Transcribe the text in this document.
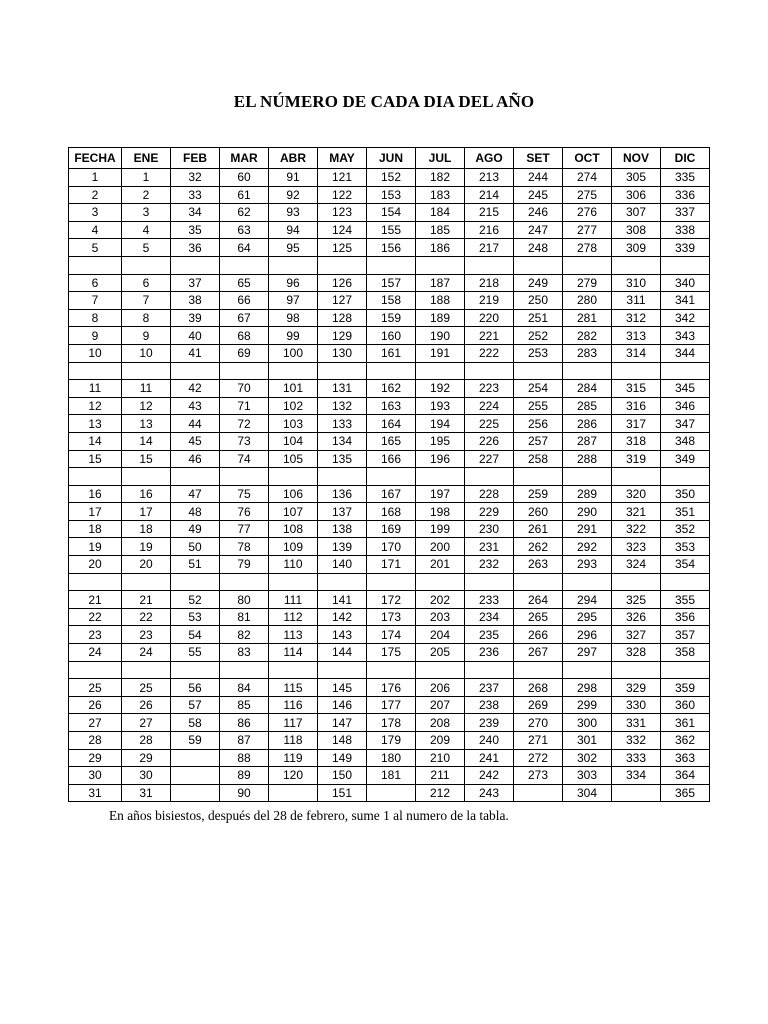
EL NÚMERO DE CADA DIA DEL AÑO
FECHA	ENE	FEB	MAR	ABR	MAY	JUN	JUL	AGO	SET	OCT	NOV	DIC
1	1	32	60	91	121	152	182	213	244	274	305	335
2	2	33	61	92	122	153	183	214	245	275	306	336
3	3	34	62	93	123	154	184	215	246	276	307	337
4	4	35	63	94	124	155	185	216	247	277	308	338
5	5	36	64	95	125	156	186	217	248	278	309	339

6	6	37	65	96	126	157	187	218	249	279	310	340
7	7	38	66	97	127	158	188	219	250	280	311	341
8	8	39	67	98	128	159	189	220	251	281	312	342
9	9	40	68	99	129	160	190	221	252	282	313	343
10	10	41	69	100	130	161	191	222	253	283	314	344

11	11	42	70	101	131	162	192	223	254	284	315	345
12	12	43	71	102	132	163	193	224	255	285	316	346
13	13	44	72	103	133	164	194	225	256	286	317	347
14	14	45	73	104	134	165	195	226	257	287	318	348
15	15	46	74	105	135	166	196	227	258	288	319	349

16	16	47	75	106	136	167	197	228	259	289	320	350
17	17	48	76	107	137	168	198	229	260	290	321	351
18	18	49	77	108	138	169	199	230	261	291	322	352
19	19	50	78	109	139	170	200	231	262	292	323	353
20	20	51	79	110	140	171	201	232	263	293	324	354

21	21	52	80	111	141	172	202	233	264	294	325	355
22	22	53	81	112	142	173	203	234	265	295	326	356
23	23	54	82	113	143	174	204	235	266	296	327	357
24	24	55	83	114	144	175	205	236	267	297	328	358

25	25	56	84	115	145	176	206	237	268	298	329	359
26	26	57	85	116	146	177	207	238	269	299	330	360
27	27	58	86	117	147	178	208	239	270	300	331	361
28	28	59	87	118	148	179	209	240	271	301	332	362
29	29		88	119	149	180	210	241	272	302	333	363
30	30		89	120	150	181	211	242	273	303	334	364
31	31		90		151		212	243		304		365
En años bisiestos, después del 28 de febrero, sume 1 al numero de la tabla.
